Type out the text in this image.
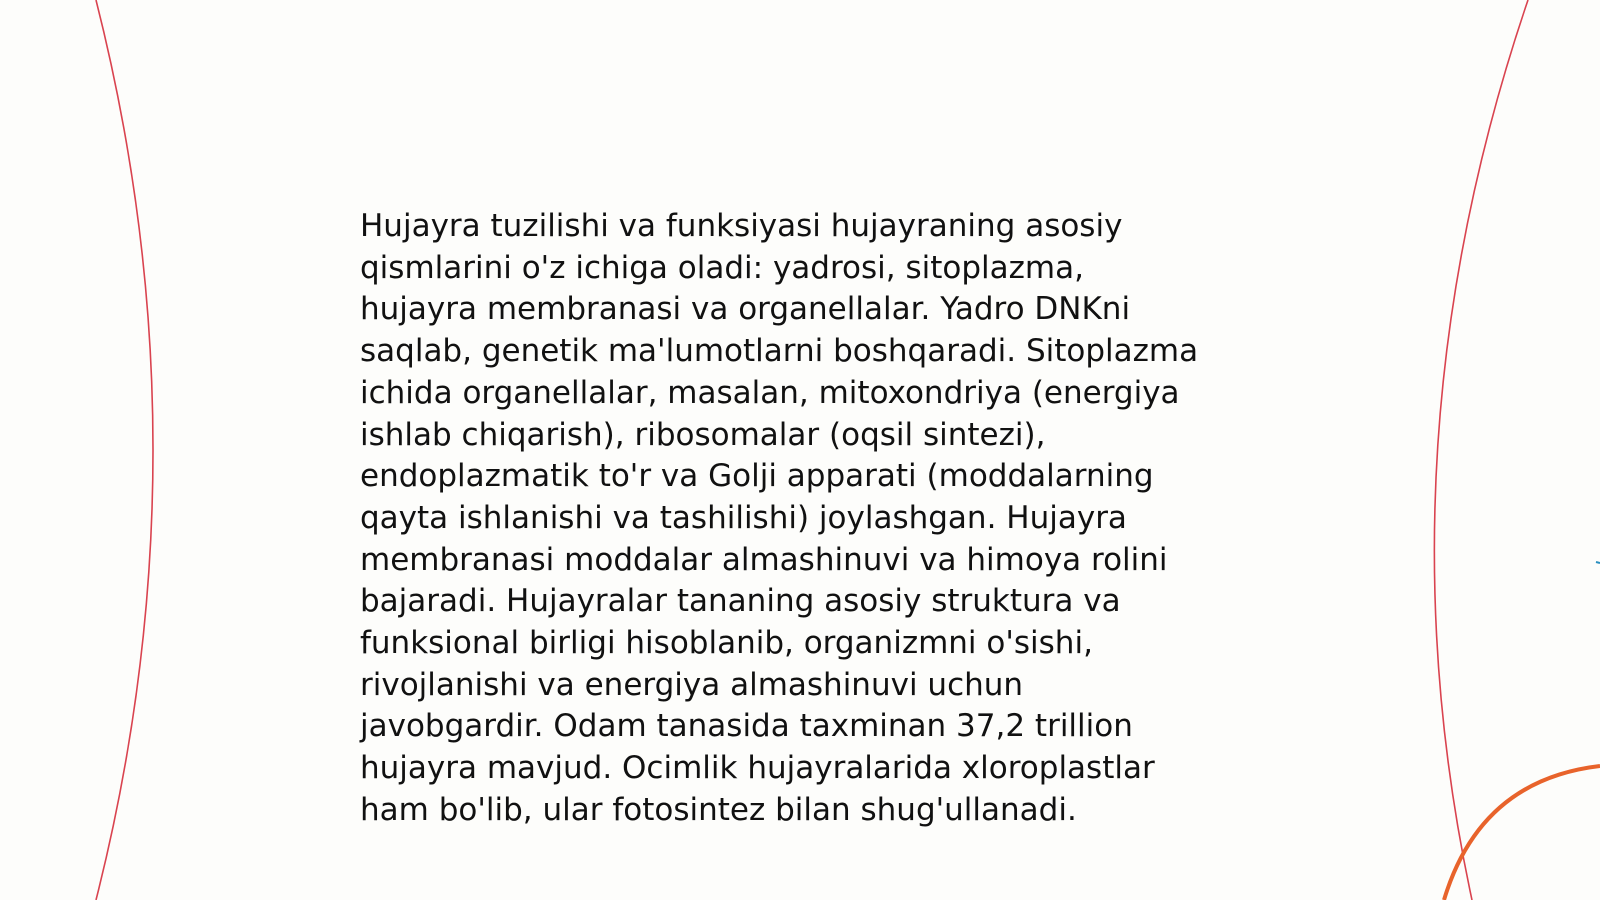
Hujayra tuzilishi va funksiyasi hujayraning asosiy
qismlarini o'z ichiga oladi: yadrosi, sitoplazma,
hujayra membranasi va organellalar. Yadro DNKni
saqlab, genetik ma'lumotlarni boshqaradi. Sitoplazma
ichida organellalar, masalan, mitoxondriya (energiya
ishlab chiqarish), ribosomalar (oqsil sintezi),
endoplazmatik to'r va Golji apparati (moddalarning
qayta ishlanishi va tashilishi) joylashgan. Hujayra
membranasi moddalar almashinuvi va himoya rolini
bajaradi. Hujayralar tananing asosiy struktura va
funksional birligi hisoblanib, organizmni o'sishi,
rivojlanishi va energiya almashinuvi uchun
javobgardir. Odam tanasida taxminan 37,2 trillion
hujayra mavjud. Ocimlik hujayralarida xloroplastlar
ham bo'lib, ular fotosintez bilan shug'ullanadi.
